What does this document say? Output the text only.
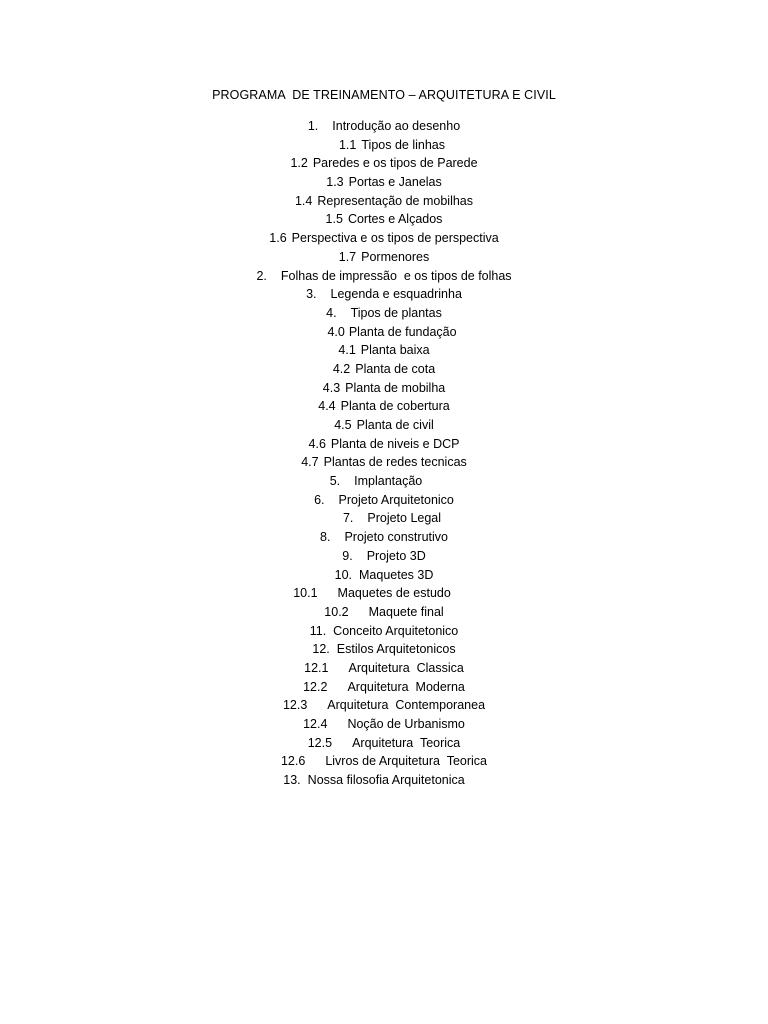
PROGRAMA  DE TREINAMENTO – ARQUITETURA E CIVIL
1. Introdução ao desenho
1.1 Tipos de linhas
1.2 Paredes e os tipos de Parede
1.3 Portas e Janelas
1.4 Representação de mobilhas
1.5 Cortes e Alçados
1.6 Perspectiva e os tipos de perspectiva
1.7 Pormenores
2. Folhas de impressão  e os tipos de folhas
3. Legenda e esquadrinha
4. Tipos de plantas
4.0 Planta de fundação
4.1 Planta baixa
4.2 Planta de cota
4.3 Planta de mobilha
4.4 Planta de cobertura
4.5 Planta de civil
4.6 Planta de niveis e DCP
4.7 Plantas de redes tecnicas
5. Implantação
6. Projeto Arquitetonico
7. Projeto Legal
8. Projeto construtivo
9. Projeto 3D
10. Maquetes 3D
10.1 Maquetes de estudo
10.2 Maquete final
11. Conceito Arquitetonico
12. Estilos Arquitetonicos
12.1 Arquitetura  Classica
12.2 Arquitetura  Moderna
12.3 Arquitetura  Contemporanea
12.4 Noção de Urbanismo
12.5 Arquitetura  Teorica
12.6 Livros de Arquitetura  Teorica
13. Nossa filosofia Arquitetonica
